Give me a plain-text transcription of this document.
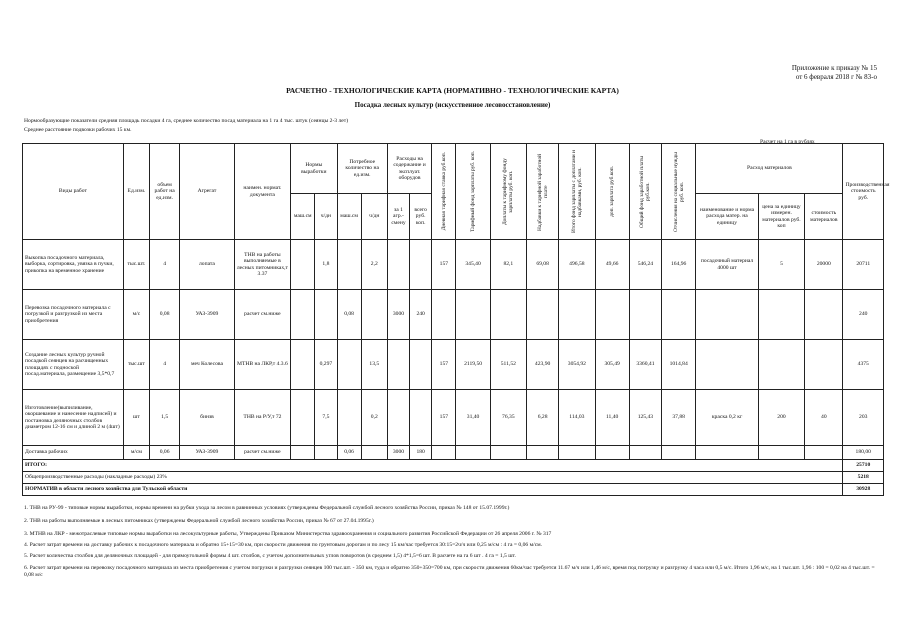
Приложение к приказу № 15
от 6 февраля 2018 г № 83-о
РАСЧЕТНО - ТЕХНОЛОГИЧЕСКИЕ КАРТА (НОРМАТИВНО - ТЕХНОЛОГИЧЕСКИЕ КАРТА)
Посадка лесных культур (искусственное лесовосстановление)
Нормообразующие показатели средняя площадь посадки 4 га, среднее количество посад материала на 1 га 4 тыс. штук (сеянцы 2-3 лет)
Среднее расстояние подвозки рабочих 15 км.
Расчет на 1 га в рублях
Виды работ	Ед.изм.	объем работ на ед.изм.	Агрегат	наимен. нормат. документа	Нормы выработки		Потребное количество на ед.изм.		Расходы на содержание и эксплуат. оборудов		Дневная тарифная ставка руб.коп.	Тарифный фонд зарплаты руб. коп.	Доплаты к тарифному фонду зарплаты руб. коп.	Надбавки к тарифной заработной плате	Итого фонд зарплаты с доплатами и надбавками, руб. коп.	доп. зарплата руб.коп.	Общий фонд заработной платы руб.коп.	Отчисления на социальные нужды руб. коп.	Расход материалов			Производственная стоимость руб.

					маш.см	ч/дн	маш.см	ч/дн	за 1 агр.-смену	всего руб. коп.									наименование и норма расхода матер. на единицу	цена за единицу измерен. материалов руб. коп	стоимость материалов	
Выкопка посадочного материала, выборка, сортировка, увязка в пучки, прикопка на временное хранение	тыс.шт.	4	лопата	ТНВ на работы выполняемые в лесных питомниках,т 3.37		1,8		2,2			157	345,40	82,1	69,08	496,58	49,66	546,24	164,96	посадочный материал 4000 шт	5	20000	20711
Перевозка посадочного материала с погрузкой и разгрузкой из места приобретения	м/с	0,08	УАЗ-3909	расчет см.ниже			0,08		3000	240												240
Создание лесных культур ручной посадкой сеянцев на расчищенных площадях с подноской посад.материала, размещение 3,5*0,7	тыс.шт	4	меч Колесова	МТНВ на ЛКР,т 4.3.6		0,297		13,5			157	2119,50	511,52	423,90	3054,92	305,49	3360,41	1014,84				4375
Изготовление(выпиливание, окоршевание и нанесение надписей) и постановка деляночных столбов диаметром 12-16 см и длиной 2 м (4шт)	шт	1,5	бинзв	ТНВ на Р/У,т 72		7,5		0,2			157	31,40	76,35	6,28	114,03	11,40	125,43	37,88	краска 0,2 кг	200	40	203
Доставка рабочих	м/см	0,06	УАЗ-3909	расчет см.ниже			0,06		3000	180												180,00
ИТОГО:																						25710
Общепроизводственные расходы (накладные расходы) 23%																						5218
НОРМАТИВ в области лесного хозяйства для Тульской области																						30928
1. ТНВ на РУ-99 - типовые нормы выработки, нормы времени на рубки ухода за лесом в равнинных условиях (утверждены Федеральной службой лесного хозяйства России, приказ № 148 от 15.07.1999г.)
2. ТНВ на работы выполняемые в лесных питомниках (утверждены Федеральной службой лесного хозяйства России, приказ № 67 от 27.04.1995г.)
3. МТНВ на ЛКР - межотраслевые типовые нормы выработки на лесокультурные работы, Утверждены Приказом Министерства здравоохранения и социального развития Российской Федерации от 26 апреля 2006 г. № 317
4. Расчет затрат времени на доставку рабочих к посадочного материала и обратно 15+15=30 км, при скорости движения по грунтовым дорогам и по лесу 15 км/час требуется 30:15=2ч/ч или 0,25 м/см : 4 га = 0,06 м/см.
5. Расчет количества столбов для деляночных площадей - для прямоугольной формы 4 шт. столбов, с учетом дополнительных углов поворотов (в среднем 1,5) 4*1,5=6 шт. В расчете на га 6 шт . 4 га = 1,5 шт.
6. Расчет затрат времени на перевозку посадочного материала из места приобретения с учетом погрузки и разгрузки сеянцев 100 тыс.шт. - 350 км, туда и обратно 350+350=700 км, при скорости движения 60км/час требуется 11.67 м/ч или 1,46 м/с, время под погрузку и разгрузку 4 часа или 0,5 м/с. Итого 1,96 м/с, на 1 тыс.шт. 1,96 : 100 = 0,02 на 4 тыс.шт. = 0,08 м/с
